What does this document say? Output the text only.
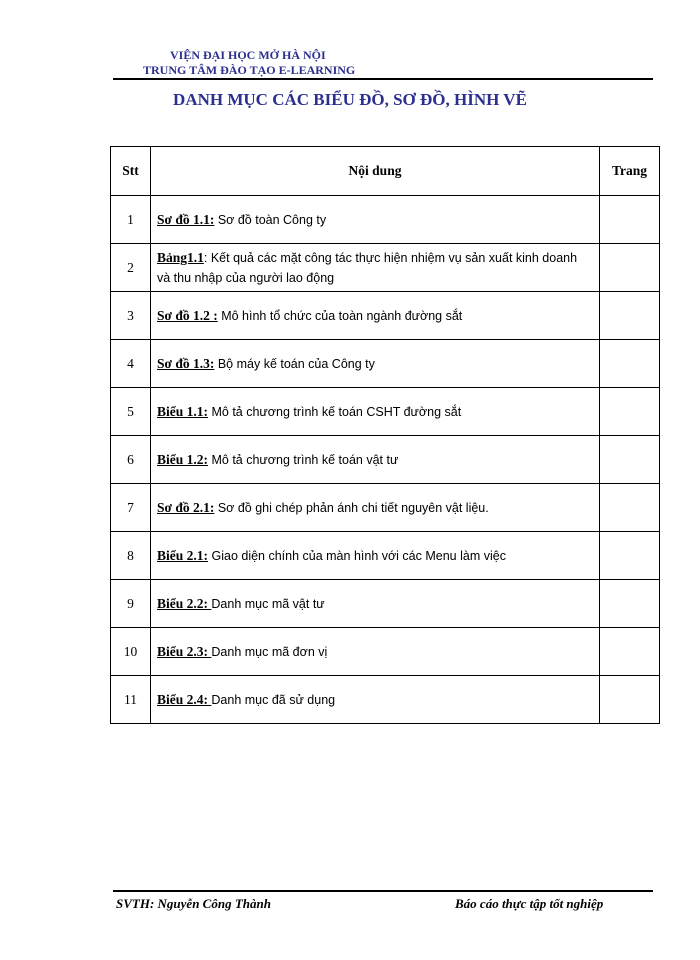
VIỆN ĐẠI HỌC MỞ HÀ NỘI
TRUNG TÂM ĐÀO TẠO E-LEARNING
DANH MỤC CÁC BIỂU ĐỒ, SƠ ĐỒ, HÌNH VẼ
Stt	Nội dung	Trang
1	Sơ đồ 1.1: Sơ đồ toàn Công ty	
2	Bảng1.1: Kết quả các mặt công tác thực hiện nhiệm vụ sản xuất kinh doanh và thu nhập của người lao động	
3	Sơ đồ 1.2 : Mô hình tổ chức của toàn ngành đường sắt	
4	Sơ đồ 1.3: Bộ máy kế toán của Công ty	
5	Biểu 1.1: Mô tả chương trình kế toán CSHT đường sắt	
6	Biểu 1.2: Mô tả chương trình kế toán vật tư	
7	Sơ đồ 2.1: Sơ đồ ghi chép phản ánh chi tiết nguyên vật liệu.	
8	Biểu 2.1: Giao diện chính của màn hình với các Menu làm việc	
9	Biểu 2.2: Danh mục mã vật tư	
10	Biểu 2.3: Danh mục mã đơn vị	
11	Biểu 2.4: Danh mục đã sử dụng	
SVTH: Nguyễn Công Thành	Báo cáo thực tập tốt nghiệp
